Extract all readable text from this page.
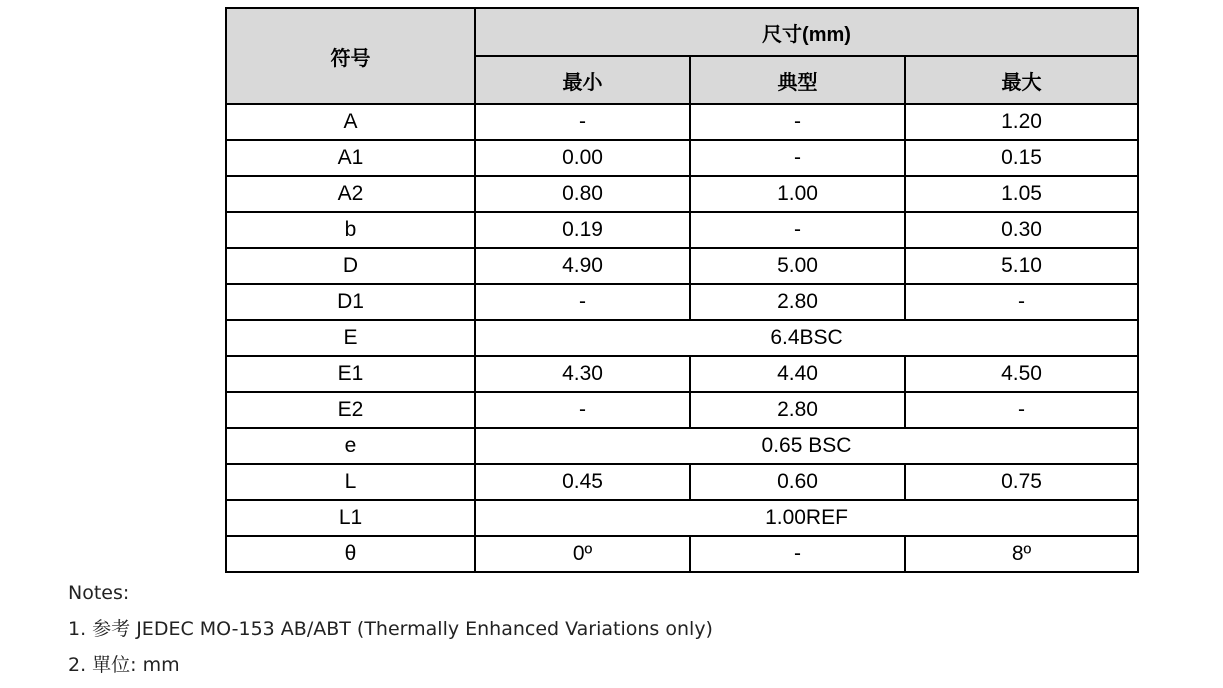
符号	尺寸(mm)		
	最小	典型	最大
A	-	-	1.20
A1	0.00	-	0.15
A2	0.80	1.00	1.05
b	0.19	-	0.30
D	4.90	5.00	5.10
D1	-	2.80	-
E	6.4BSC		
E1	4.30	4.40	4.50
E2	-	2.80	-
e	0.65 BSC		
L	0.45	0.60	0.75
L1	1.00REF		
θ	0º	-	8º
Notes:
1. 参考 JEDEC MO-153 AB/ABT (Thermally Enhanced Variations only)
2. 單位: mm
